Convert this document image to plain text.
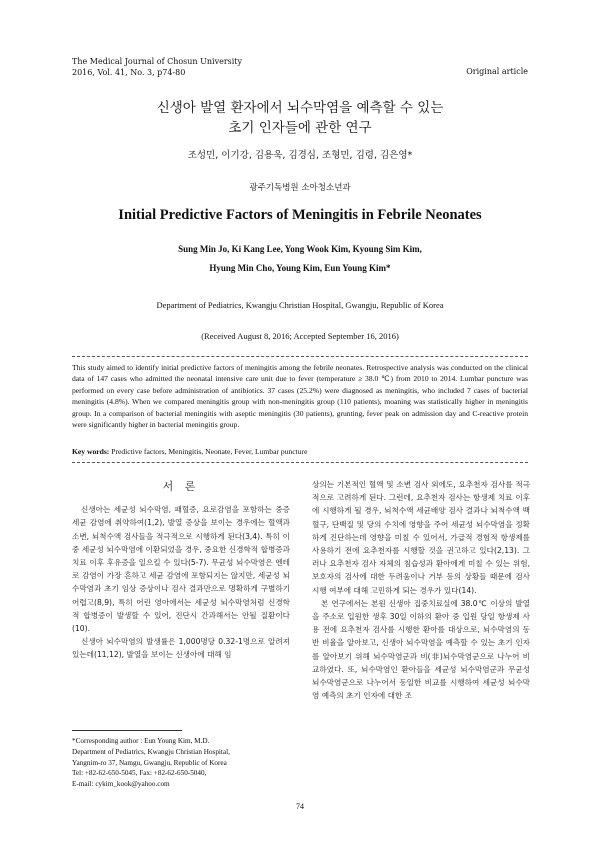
The Medical Journal of Chosun University
2016, Vol. 41, No. 3, p74-80	Original article
신생아 발열 환자에서 뇌수막염을 예측할 수 있는
초기 인자들에 관한 연구
조성민, 이기강, 김용욱, 김경심, 조형민, 김령, 김은영*
광주기독병원 소아청소년과
Initial Predictive Factors of Meningitis in Febrile Neonates
Sung Min Jo, Ki Kang Lee, Yong Wook Kim, Kyoung Sim Kim,
Hyung Min Cho, Young Kim, Eun Young Kim*
Department of Pediatrics, Kwangju Christian Hospital, Gwangju, Republic of Korea
(Received August 8, 2016; Accepted September 16, 2016)
This study aimed to identify initial predictive factors of meningitis among the febrile neonates. Retrospective analysis was conducted on the clinical data of 147 cases who admitted the neonatal intensive care unit due to fever (temperature ≥ 38.0 ℃) from 2010 to 2014. Lumbar puncture was performed on every case before administration of antibiotics. 37 cases (25.2%) were diagnosed as meningitis, who included 7 cases of bacterial meningitis (4.8%). When we compared meningitis group with non-meningitis group (110 patients), moaning was statistically higher in meningitis group. In a comparison of bacterial meningitis with aseptic meningitis (30 patients), grunting, fever peak on admission day and C-reactive protein were significantly higher in bacterial meningitis group.
Key words: Predictive factors, Meningitis, Neonate, Fever, Lumbar puncture
서 론

신생아는 세균성 뇌수막염, 패혈증, 요로감염을 포함하는 중증 세균 감염에 취약하여(1,2), 발열 증상을 보이는 경우에는 혈액과 소변, 뇌척수액 검사들을 적극적으로 시행하게 된다(3,4). 특히 이 중 세균성 뇌수막염에 이환되었을 경우, 중요한 신경학적 합병증과 치료 이후 후유증을 일으킬 수 있다(5-7). 무균성 뇌수막염은 엔테로 감염이 가장 흔하고 세균 감염에 포함되지는 않지만, 세균성 뇌수막염과 초기 임상 증상이나 검사 결과만으로 명확하게 구별하기 어렵고(8,9), 특히 어린 영아에서는 세균성 뇌수막염처럼 신경학적 합병증이 발생할 수 있어, 진단시 간과해서는 안될 질환이다(10).

신생아 뇌수막염의 발생률은 1,000명당 0.32-1명으로 알려져 있는데(11,12), 발열을 보이는 신생아에 대해 임

상의는 기본적인 혈액 및 소변 검사 외에도, 요추천자 검사를 적극적으로 고려하게 된다. 그런데, 요추천자 검사는 항생제 치료 이후에 시행하게 될 경우, 뇌척수액 세균배양 검사 결과나 뇌척수액 백혈구, 단백질 및 당의 수치에 영향을 주어 세균성 뇌수막염을 정확하게 진단하는데 영향을 미칠 수 있어서, 가급적 경험적 항생제를 사용하기 전에 요추천자를 시행할 것을 권고하고 있다(2,13). 그러나 요추천자 검사 자체의 침습성과 환아에게 미칠 수 있는 위험, 보호자의 검사에 대한 두려움이나 거부 등의 상황들 때문에 검사 시행 여부에 대해 고민하게 되는 경우가 있다(14).

본 연구에서는 본원 신생아 집중치료실에 38.0℃ 이상의 발열을 주소로 입원한 생후 30일 이하의 환아 중 입원 당일 항생제 사용 전에 요추천자 검사를 시행한 환아를 대상으로, 뇌수막염의 동반 비율을 알아보고, 신생아 뇌수막염을 예측할 수 있는 초기 인자를 알아보기 위해 뇌수막염군과 비(非)뇌수막염군으로 나누어 비교하였다. 또, 뇌수막염인 환아들을 세균성 뇌수막염군과 무균성 뇌수막염군으로 나누어서 동일한 비교를 시행하여 세균성 뇌수막염 예측의 초기 인자에 대한 조

*Corresponding author : Eun Young Kim, M.D.
Department of Pediatrics, Kwangju Christian Hospital,
Yangnim-ro 37, Namgu, Gwangju, Republic of Korea
Tel: +82-62-650-5045, Fax: +82-62-650-5040,
E-mail: cykim_kook@yahoo.com
74
